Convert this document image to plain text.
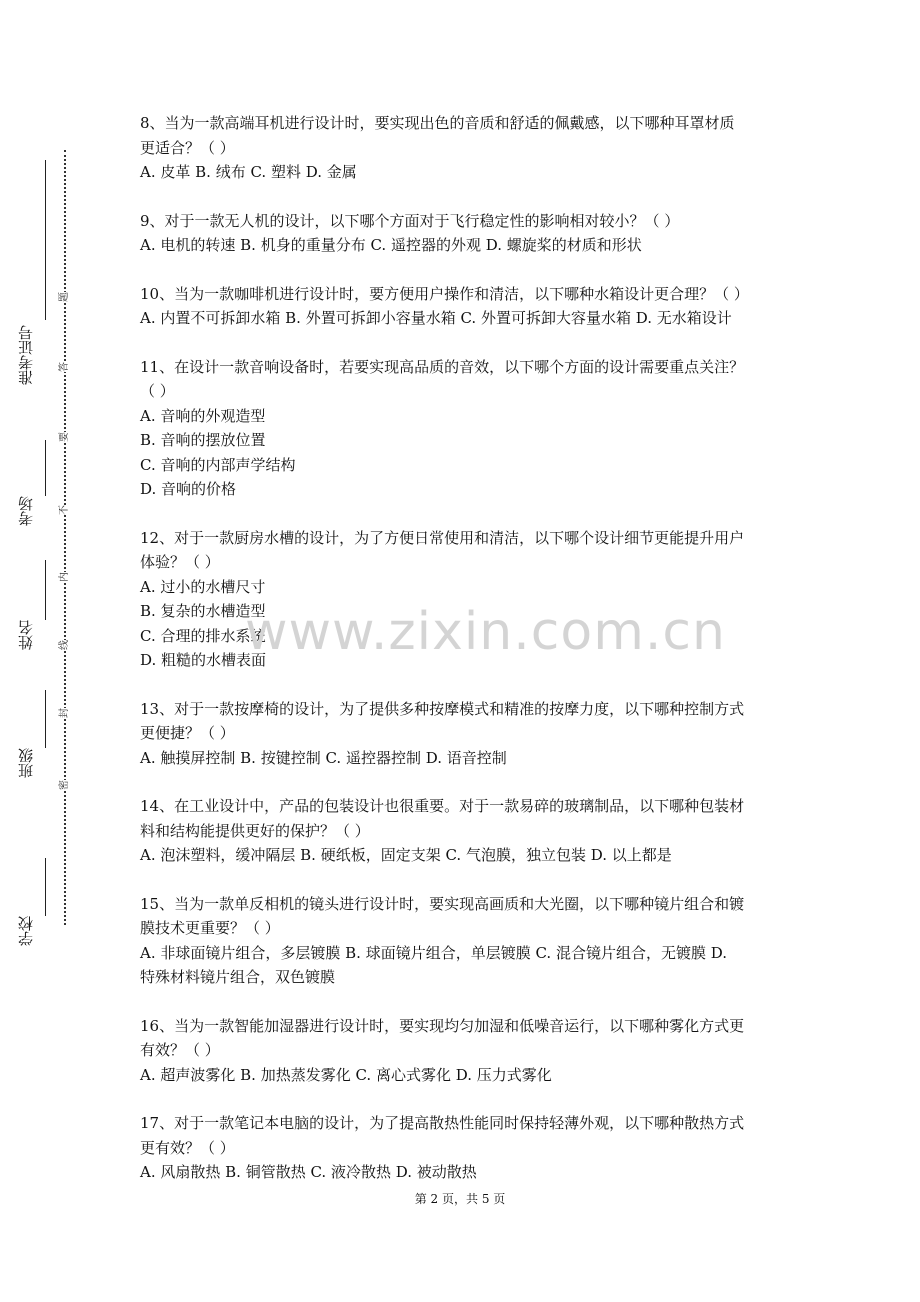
学校
班级
姓名
考场
准考证号
密
封
线
内
不
要
答
题

8、当为一款高端耳机进行设计时，要实现出色的音质和舒适的佩戴感，以下哪种耳罩材质

更适合？（ ）

A. 皮革 B. 绒布 C. 塑料 D. 金属

9、对于一款无人机的设计，以下哪个方面对于飞行稳定性的影响相对较小？（ ）

A. 电机的转速 B. 机身的重量分布 C. 遥控器的外观 D. 螺旋桨的材质和形状

10、当为一款咖啡机进行设计时，要方便用户操作和清洁，以下哪种水箱设计更合理？（ ）

A. 内置不可拆卸水箱 B. 外置可拆卸小容量水箱 C. 外置可拆卸大容量水箱 D. 无水箱设计

11、在设计一款音响设备时，若要实现高品质的音效，以下哪个方面的设计需要重点关注？

（ ）

A. 音响的外观造型

B. 音响的摆放位置

C. 音响的内部声学结构

D. 音响的价格

12、对于一款厨房水槽的设计，为了方便日常使用和清洁，以下哪个设计细节更能提升用户

体验？（ ）

A. 过小的水槽尺寸

B. 复杂的水槽造型

C. 合理的排水系统

D. 粗糙的水槽表面

13、对于一款按摩椅的设计，为了提供多种按摩模式和精准的按摩力度，以下哪种控制方式

更便捷？（ ）

A. 触摸屏控制 B. 按键控制 C. 遥控器控制 D. 语音控制

14、在工业设计中，产品的包装设计也很重要。对于一款易碎的玻璃制品，以下哪种包装材

料和结构能提供更好的保护？（ ）

A. 泡沫塑料，缓冲隔层 B. 硬纸板，固定支架 C. 气泡膜，独立包装 D. 以上都是

15、当为一款单反相机的镜头进行设计时，要实现高画质和大光圈，以下哪种镜片组合和镀

膜技术更重要？（ ）

A. 非球面镜片组合，多层镀膜 B. 球面镜片组合，单层镀膜 C. 混合镜片组合，无镀膜 D.

特殊材料镜片组合，双色镀膜

16、当为一款智能加湿器进行设计时，要实现均匀加湿和低噪音运行，以下哪种雾化方式更

有效？（ ）

A. 超声波雾化 B. 加热蒸发雾化 C. 离心式雾化 D. 压力式雾化

17、对于一款笔记本电脑的设计，为了提高散热性能同时保持轻薄外观，以下哪种散热方式

更有效？（ ）

A. 风扇散热 B. 铜管散热 C. 液冷散热 D. 被动散热

www.zixin.com.cn
第 2 页，共 5 页
